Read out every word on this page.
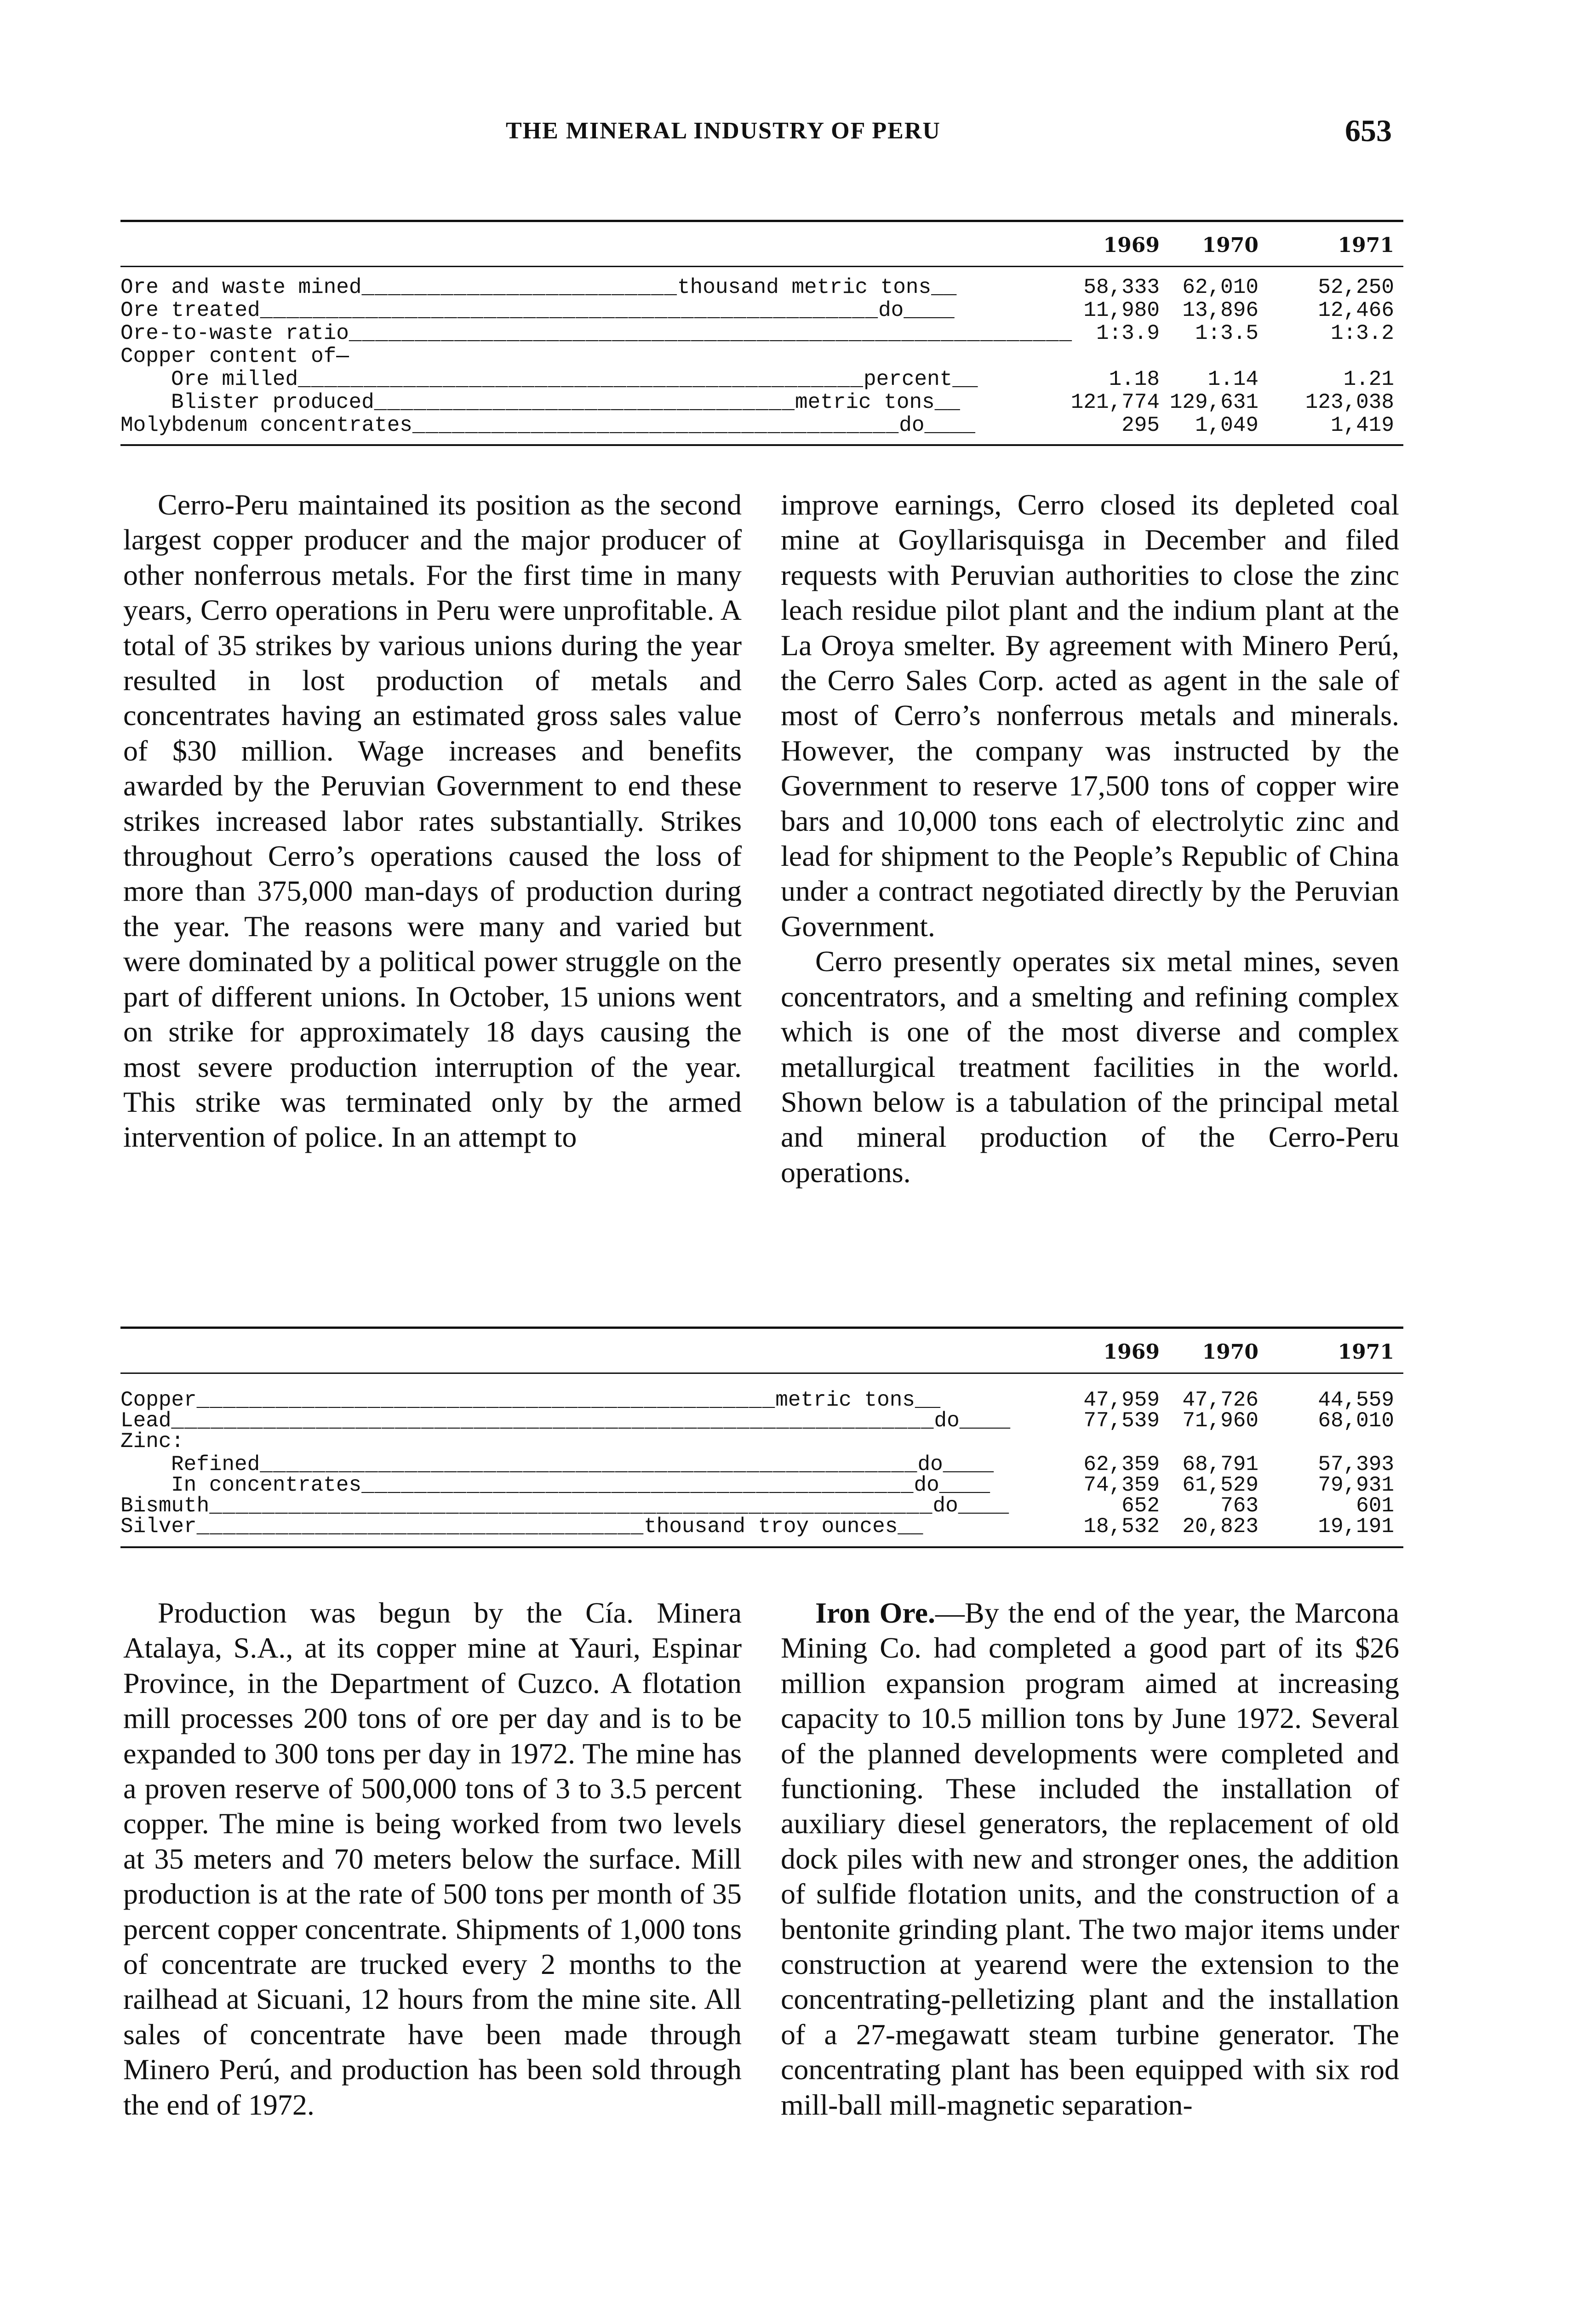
THE MINERAL INDUSTRY OF PERU	653
1969	1970	1971
Ore and waste mined________________________thousand metric tons__	58,333	62,010	52,250
Ore treated_______________________________________________do____	11,980	13,896	12,466
Ore-to-waste ratio_______________________________________________________	1:3.9	1:3.5	1:3.2
Copper content of—
Ore milled___________________________________________percent__	1.18	1.14	1.21
Blister produced________________________________metric tons__	121,774 129,631	123,038
Molybdenum concentrates_____________________________________do____	295	1,049	1,419

Cerro-Peru maintained its position as the second largest copper producer and the major producer of other nonferrous metals. For the first time in many years, Cerro operations in Peru were unprofitable. A total of 35 strikes by various unions during the year resulted in lost production of metals and concentrates having an estimated gross sales value of $30 million. Wage increases and benefits awarded by the Peruvian Government to end these strikes increased labor rates substantially. Strikes throughout Cerro’s operations caused the loss of more than 375,000 man-days of production during the year. The reasons were many and varied but were dominated by a political power struggle on the part of different unions. In October, 15 unions went on strike for approximately 18 days causing the most severe production interruption of the year. This strike was terminated only by the armed intervention of police. In an attempt to

improve earnings, Cerro closed its depleted coal mine at Goyllarisquisga in December and filed requests with Peruvian authorities to close the zinc leach residue pilot plant and the indium plant at the La Oroya smelter. By agreement with Minero Perú, the Cerro Sales Corp. acted as agent in the sale of most of Cerro’s nonferrous metals and minerals. However, the company was instructed by the Government to reserve 17,500 tons of copper wire bars and 10,000 tons each of electrolytic zinc and lead for shipment to the People’s Republic of China under a contract negotiated directly by the Peruvian Government.

Cerro presently operates six metal mines, seven concentrators, and a smelting and refining complex which is one of the most diverse and complex metallurgical treatment facilities in the world. Shown below is a tabulation of the principal metal and mineral production of the Cerro-Peru operations.

1969	1970	1971
Copper____________________________________________metric tons__	47,959	47,726	44,559
Lead__________________________________________________________do____	77,539	71,960	68,010
Zinc:
Refined__________________________________________________do____	62,359	68,791	57,393
In concentrates__________________________________________do____	74,359	61,529	79,931
Bismuth_______________________________________________________do____	652	763	601
Silver__________________________________thousand troy ounces__	18,532	20,823	19,191

Production was begun by the Cía. Minera Atalaya, S.A., at its copper mine at Yauri, Espinar Province, in the Department of Cuzco. A flotation mill processes 200 tons of ore per day and is to be expanded to 300 tons per day in 1972. The mine has a proven reserve of 500,000 tons of 3 to 3.5 percent copper. The mine is being worked from two levels at 35 meters and 70 meters below the surface. Mill production is at the rate of 500 tons per month of 35 percent copper concentrate. Shipments of 1,000 tons of concentrate are trucked every 2 months to the railhead at Sicuani, 12 hours from the mine site. All sales of concentrate have been made through Minero Perú, and production has been sold through the end of 1972.

Iron Ore.—By the end of the year, the Marcona Mining Co. had completed a good part of its $26 million expansion program aimed at increasing capacity to 10.5 million tons by June 1972. Several of the planned developments were completed and functioning. These included the installation of auxiliary diesel generators, the replacement of old dock piles with new and stronger ones, the addition of sulfide flotation units, and the construction of a bentonite grinding plant. The two major items under construction at yearend were the extension to the concentrating-pelletizing plant and the installation of a 27-megawatt steam turbine generator. The concentrating plant has been equipped with six rod mill-ball mill-magnetic separation-
